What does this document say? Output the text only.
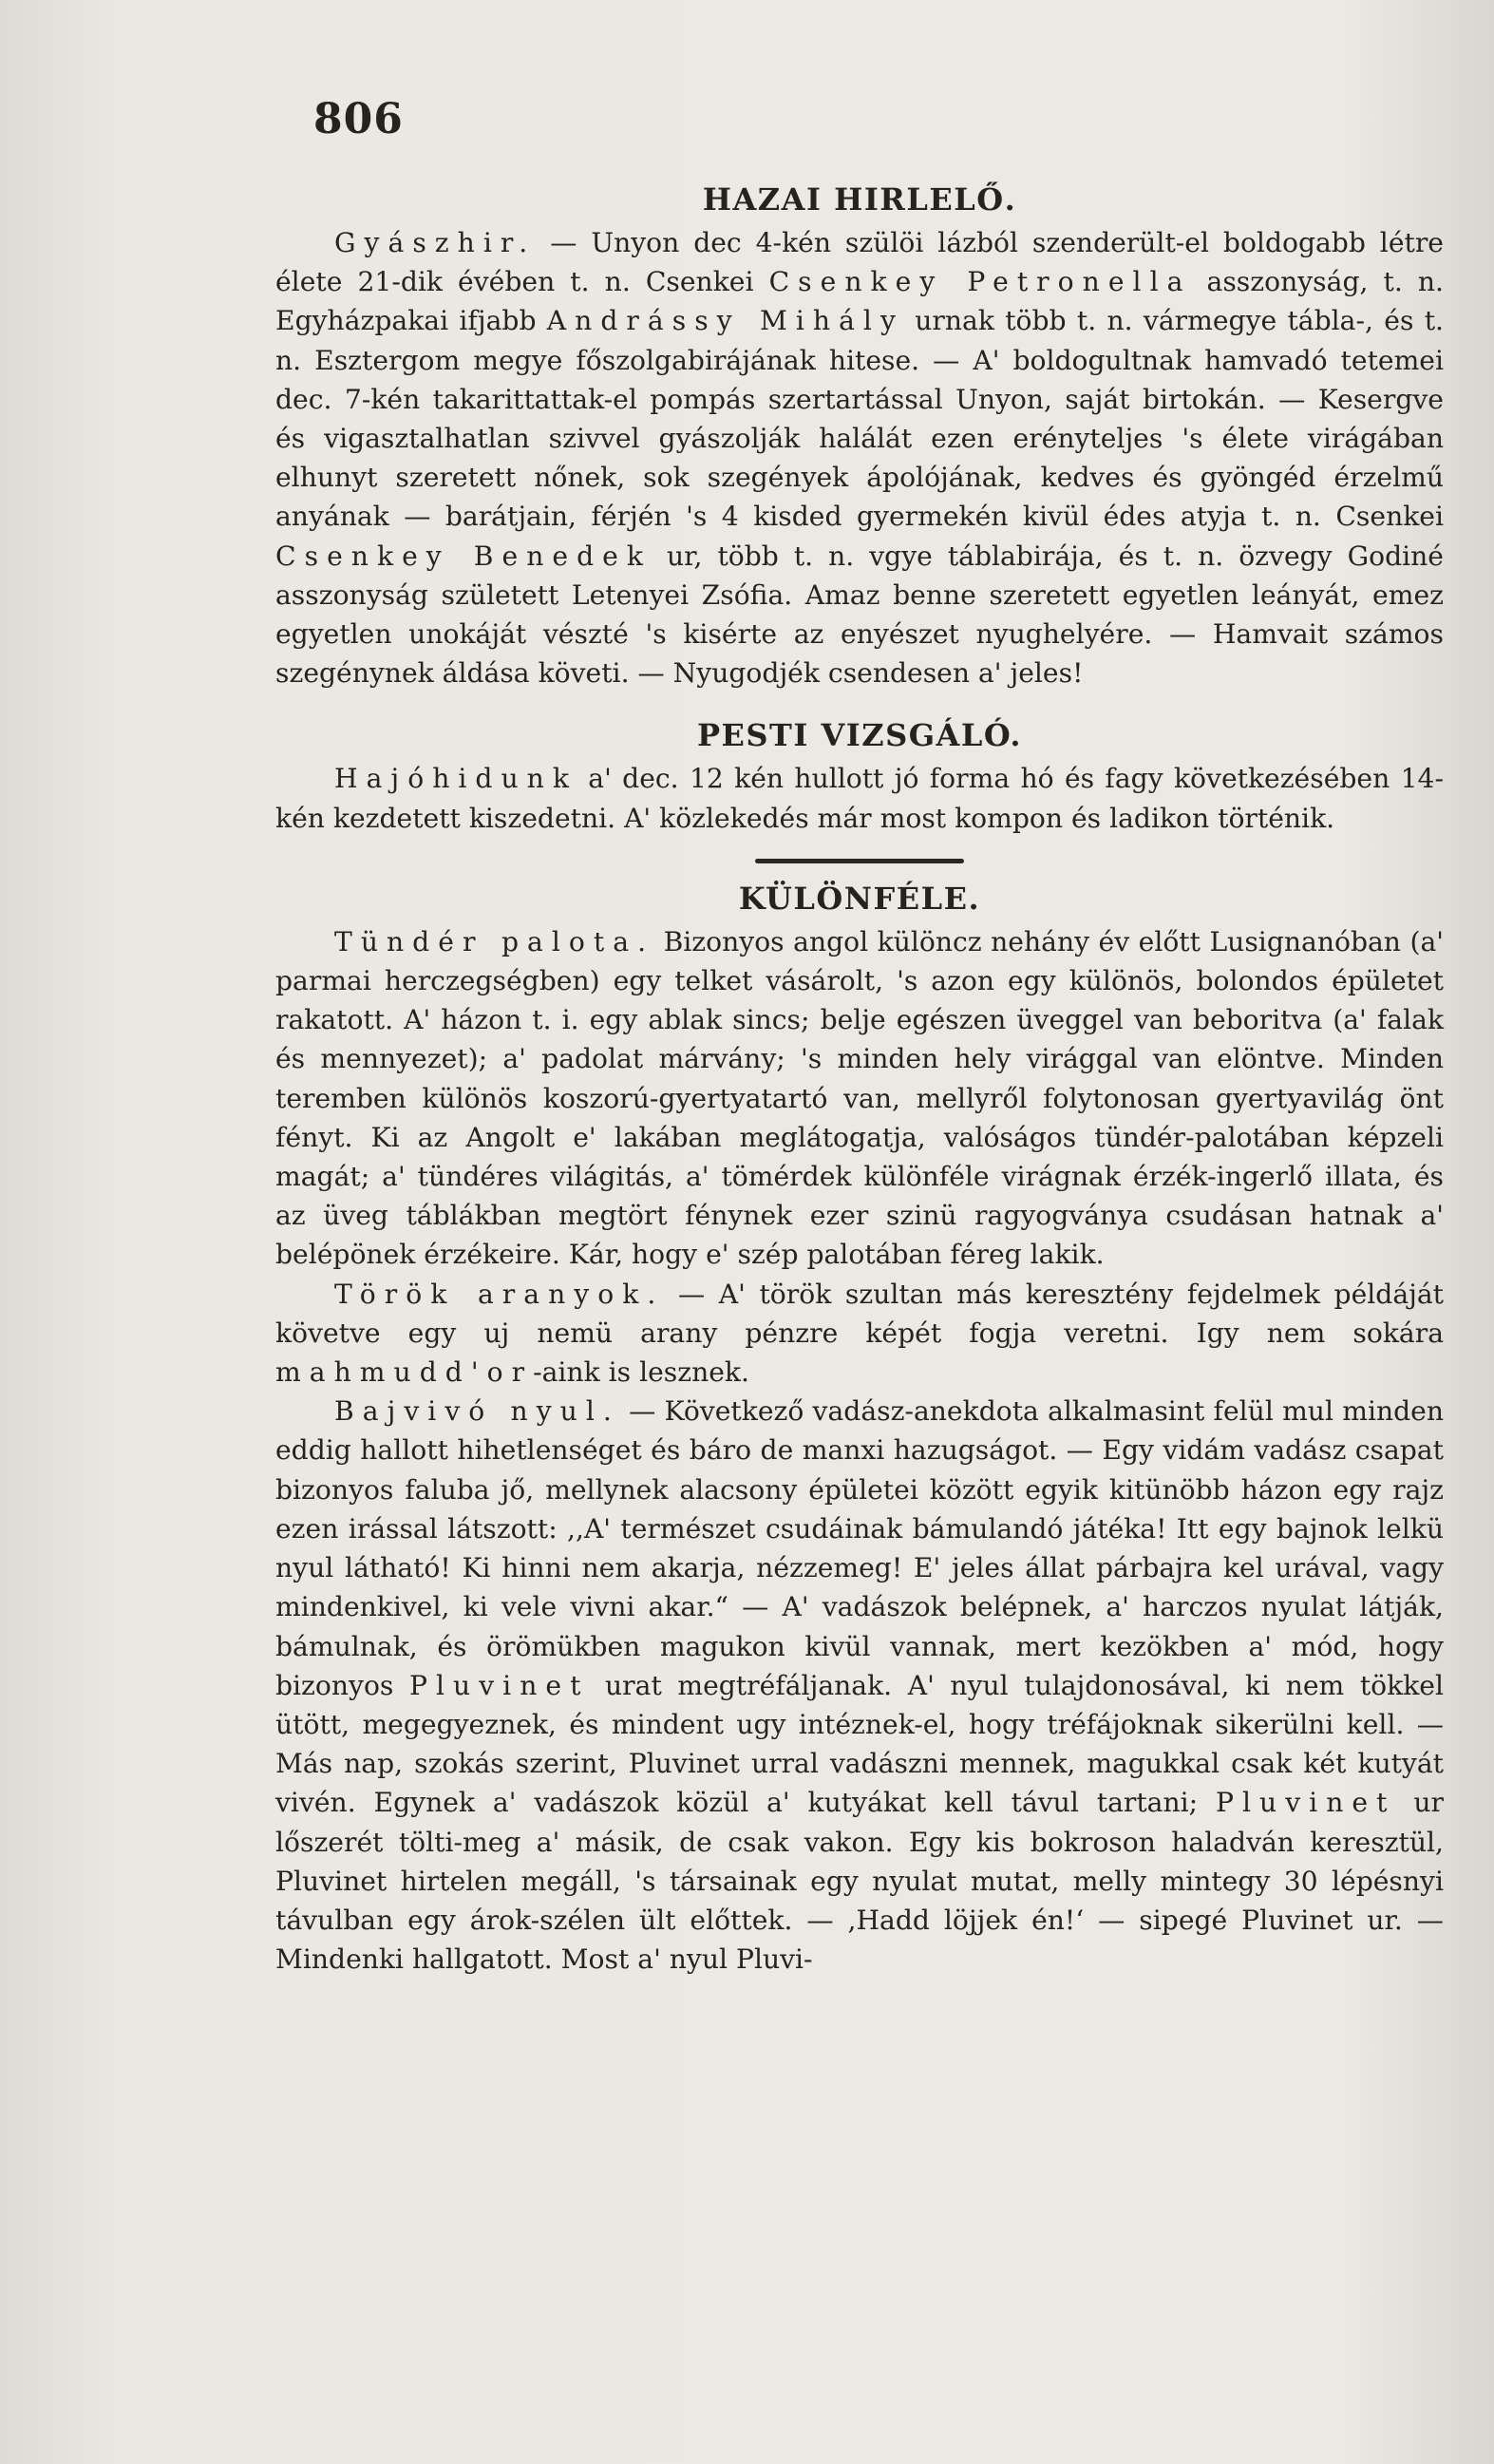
806
HAZAI HIRLELŐ.

Gyászhir. — Unyon dec 4-kén szülöi lázból szenderült-el boldogabb létre élete 21-dik évében t. n. Csenkei Csenkey Petronella asszonyság, t. n. Egyházpakai ifjabb Andrássy Mihály urnak több t. n. vármegye tábla-, és t. n. Esztergom megye főszolgabirájának hitese. — A' boldogultnak hamvadó tetemei dec. 7-kén takarittattak-el pompás szertartással Unyon, saját birtokán. — Kesergve és vigasztalhatlan szivvel gyászolják halálát ezen erényteljes 's élete virágában elhunyt szeretett nőnek, sok szegények ápolójának, kedves és gyöngéd érzelmű anyának — barátjain, férjén 's 4 kisded gyermekén kivül édes atyja t. n. Csenkei Csenkey Benedek ur, több t. n. vgye táblabirája, és t. n. özvegy Godiné asszonyság született Letenyei Zsófia. Amaz benne szeretett egyetlen leányát, emez egyetlen unokáját vészté 's kisérte az enyészet nyughelyére. — Hamvait számos szegénynek áldása követi. — Nyugodjék csendesen a' jeles!

PESTI VIZSGÁLÓ.

Hajóhidunk a' dec. 12 kén hullott jó forma hó és fagy következésében 14-kén kezdetett kiszedetni. A' közlekedés már most kompon és ladikon történik.

KÜLÖNFÉLE.

Tündér palota. Bizonyos angol különcz nehány év előtt Lusignanóban (a' parmai herczegségben) egy telket vásárolt, 's azon egy különös, bolondos épületet rakatott. A' házon t. i. egy ablak sincs; belje egészen üveggel van beboritva (a' falak és mennyezet); a' padolat márvány; 's minden hely virággal van elöntve. Minden teremben különös koszorú-gyertyatartó van, mellyről folytonosan gyertyavilág önt fényt. Ki az Angolt e' lakában meglátogatja, valóságos tündér-palotában képzeli magát; a' tündéres világitás, a' tömérdek különféle virágnak érzék-ingerlő illata, és az üveg táblákban megtört fénynek ezer szinü ragyogványa csudásan hatnak a' belépönek érzékeire. Kár, hogy e' szép palotában féreg lakik.

Török aranyok. — A' török szultan más keresztény fejdelmek példáját követve egy uj nemü arany pénzre képét fogja veretni. Igy nem sokára mahmudd'or-aink is lesznek.

Bajvivó nyul. — Következő vadász-anekdota alkalmasint felül mul minden eddig hallott hihetlenséget és báro de manxi hazugságot. — Egy vidám vadász csapat bizonyos faluba jő, mellynek alacsony épületei között egyik kitünöbb házon egy rajz ezen irással látszott: ,,A' természet csudáinak bámulandó játéka! Itt egy bajnok lelkü nyul látható! Ki hinni nem akarja, nézzemeg! E' jeles állat párbajra kel urával, vagy mindenkivel, ki vele vivni akar.“ — A' vadászok belépnek, a' harczos nyulat látják, bámulnak, és örömükben magukon kivül vannak, mert kezökben a' mód, hogy bizonyos Pluvinet urat megtréfáljanak. A' nyul tulajdonosával, ki nem tökkel ütött, megegyeznek, és mindent ugy intéznek-el, hogy tréfájoknak sikerülni kell. — Más nap, szokás szerint, Pluvinet urral vadászni mennek, magukkal csak két kutyát vivén. Egynek a' vadászok közül a' kutyákat kell távul tartani; Pluvinet ur lőszerét tölti-meg a' másik, de csak vakon. Egy kis bokroson haladván keresztül, Pluvinet hirtelen megáll, 's társainak egy nyulat mutat, melly mintegy 30 lépésnyi távulban egy árok-szélen ült előttek. — ,Hadd löjjek én!‘ — sipegé Pluvinet ur. — Mindenki hallgatott. Most a' nyul Pluvi-
